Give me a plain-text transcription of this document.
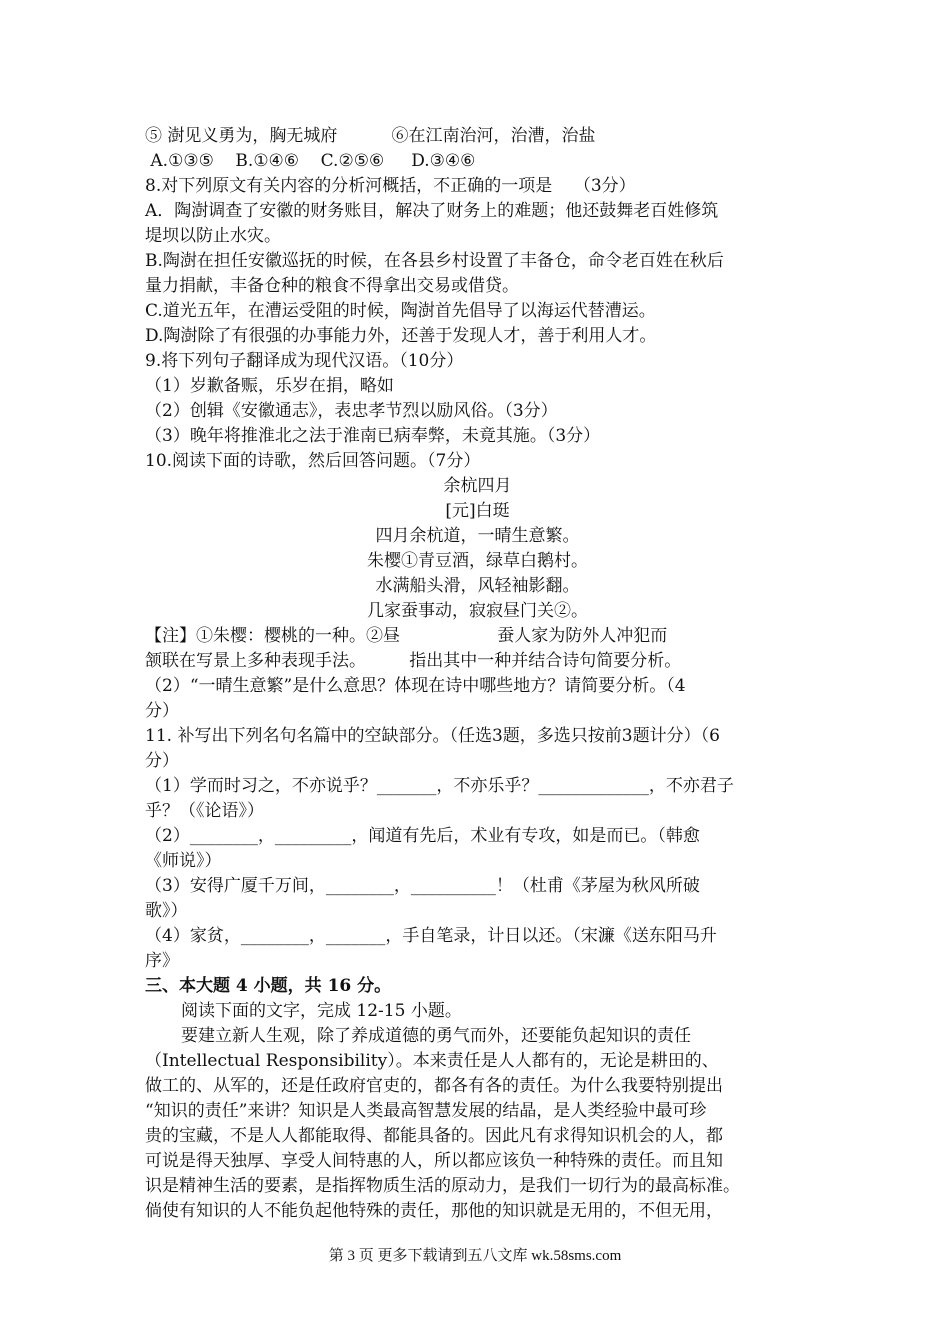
⑤ 澍见义勇为，胸无城府          ⑥在江南治河，治漕，治盐
A.①③⑤    B.①④⑥    C.②⑤⑥     D.③④⑥
8.对下列原文有关内容的分析河概括，不正确的一项是    （3分）
A．陶澍调查了安徽的财务账目，解决了财务上的难题；他还鼓舞老百姓修筑
堤坝以防止水灾。
B.陶澍在担任安徽巡抚的时候，在各县乡村设置了丰备仓，命令老百姓在秋后
量力捐献，丰备仓种的粮食不得拿出交易或借贷。
C.道光五年，在漕运受阻的时候，陶澍首先倡导了以海运代替漕运。
D.陶澍除了有很强的办事能力外，还善于发现人才，善于利用人才。
9.将下列句子翻译成为现代汉语。（10分）
（1）岁歉备赈，乐岁在捐，略如
（2）创辑《安徽通志》，表忠孝节烈以励风俗。（3分）
（3）晚年将推淮北之法于淮南已病奉弊，未竟其施。（3分）
10.阅读下面的诗歌，然后回答问题。（7分）
余杭四月
[元]白珽
四月余杭道，一晴生意繁。
朱樱①青豆酒，绿草白鹅村。
水满船头滑，风轻袖影翻。
几家蚕事动，寂寂昼门关②。
【注】①朱樱：樱桃的一种。②昼                  蚕人家为防外人冲犯而
颔联在写景上多种表现手法。        指出其中一种并结合诗句简要分析。
（2）“一晴生意繁”是什么意思？体现在诗中哪些地方？请简要分析。（4
分）
11. 补写出下列名句名篇中的空缺部分。（任选3题，多选只按前3题计分）（6
分）
（1）学而时习之，不亦说乎？_______，不亦乐乎？_____________，不亦君子
乎？（《论语》）
（2）________，_________，闻道有先后，术业有专攻，如是而已。（韩愈
《师说》）
（3）安得广厦千万间，________，__________！（杜甫《茅屋为秋风所破
歌》）
（4）家贫，________，_______，手自笔录，计日以还。（宋濂《送东阳马升
序》
三、本大题 4 小题，共 16 分。
阅读下面的文字，完成 12-15 小题。
要建立新人生观，除了养成道德的勇气而外，还要能负起知识的责任
（Intellectual Responsibility）。本来责任是人人都有的，无论是耕田的、
做工的、从军的，还是任政府官吏的，都各有各的责任。为什么我要特别提出
“知识的责任”来讲？知识是人类最高智慧发展的结晶，是人类经验中最可珍
贵的宝藏，不是人人都能取得、都能具备的。因此凡有求得知识机会的人，都
可说是得天独厚、享受人间特惠的人，所以都应该负一种特殊的责任。而且知
识是精神生活的要素，是指挥物质生活的原动力，是我们一切行为的最高标准。
倘使有知识的人不能负起他特殊的责任，那他的知识就是无用的，不但无用，
第 3 页 更多下载请到五八文库 wk.58sms.com
